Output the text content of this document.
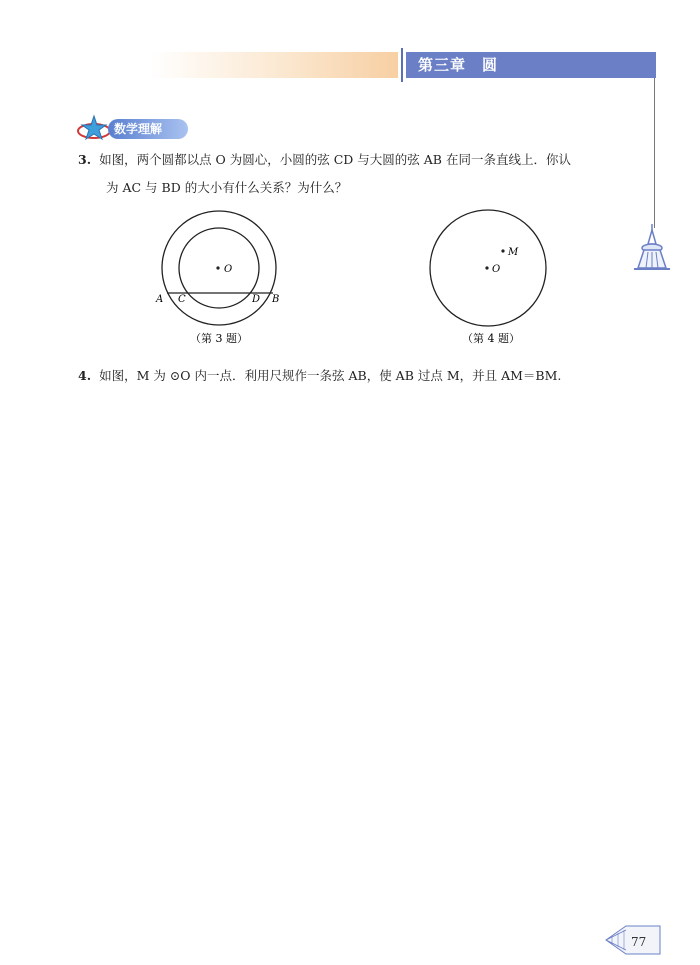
第三章　圆
数学理解
3. 如图，两个圆都以点 O 为圆心，小圆的弦 CD 与大圆的弦 AB 在同一条直线上．你认
为 AC 与 BD 的大小有什么关系？为什么？
O
A C	D B
（第 3 题）
M
O
（第 4 题）
4. 如图，M 为 ⊙O 内一点．利用尺规作一条弦 AB，使 AB 过点 M，并且 AM＝BM.
77
